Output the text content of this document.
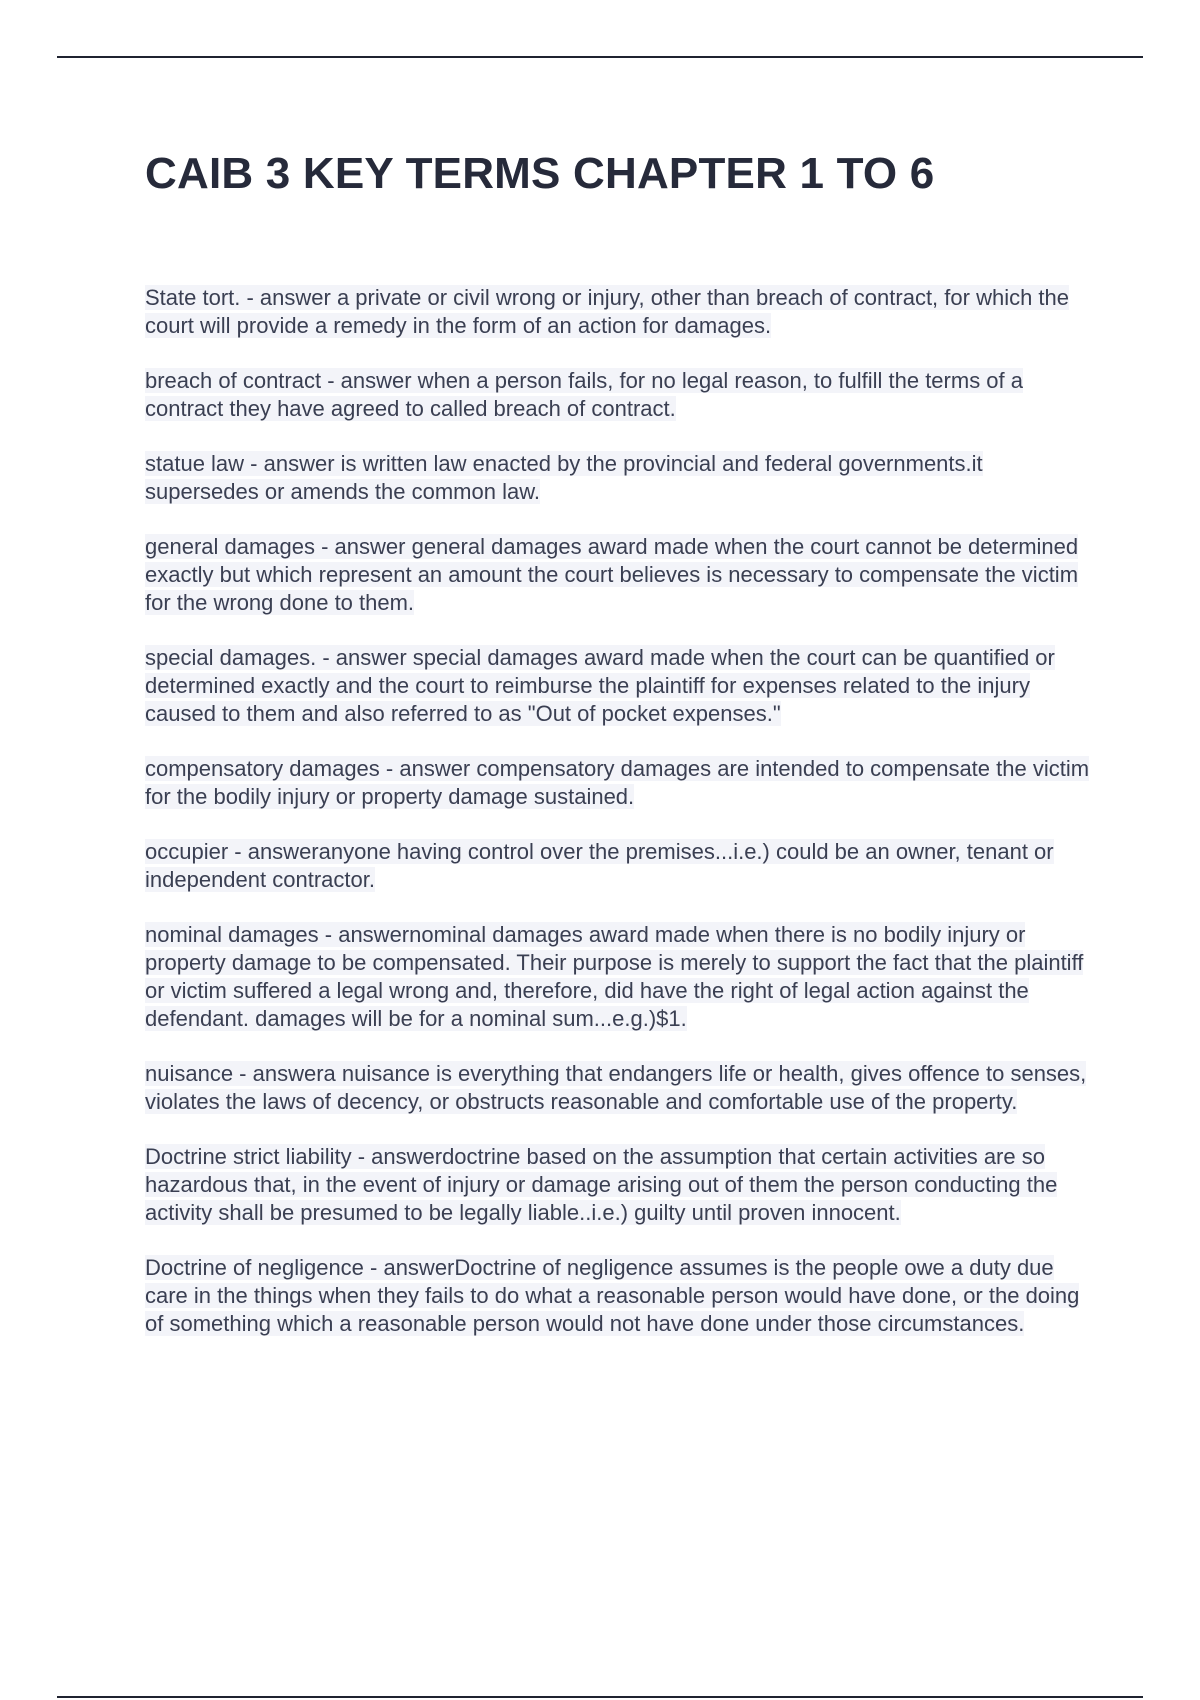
CAIB 3 KEY TERMS CHAPTER 1 TO 6
State tort. - answer a private or civil wrong or injury, other than breach of contract, for which the court will provide a remedy in the form of an action for damages.
breach of contract - answer when a person fails, for no legal reason, to fulfill the terms of a contract they have agreed to called breach of contract.
statue law - answer is written law enacted by the provincial and federal governments.it supersedes or amends the common law.
general damages - answer general damages award made when the court cannot be determined exactly but which represent an amount the court believes is necessary to compensate the victim for the wrong done to them.
special damages. - answer special damages award made when the court can be quantified or determined exactly and the court to reimburse the plaintiff for expenses related to the injury caused to them and also referred to as "Out of pocket expenses."
compensatory damages - answer compensatory damages are intended to compensate the victim for the bodily injury or property damage sustained.
occupier - answeranyone having control over the premises...i.e.) could be an owner, tenant or independent contractor.
nominal damages - answernominal damages award made when there is no bodily injury or property damage to be compensated. Their purpose is merely to support the fact that the plaintiff or victim suffered a legal wrong and, therefore, did have the right of legal action against the defendant. damages will be for a nominal sum...e.g.)$1.
nuisance - answera nuisance is everything that endangers life or health, gives offence to senses, violates the laws of decency, or obstructs reasonable and comfortable use of the property.
Doctrine strict liability - answerdoctrine based on the assumption that certain activities are so hazardous that, in the event of injury or damage arising out of them the person conducting the activity shall be presumed to be legally liable..i.e.) guilty until proven innocent.
Doctrine of negligence - answerDoctrine of negligence assumes is the people owe a duty due care in the things when they fails to do what a reasonable person would have done, or the doing of something which a reasonable person would not have done under those circumstances.
